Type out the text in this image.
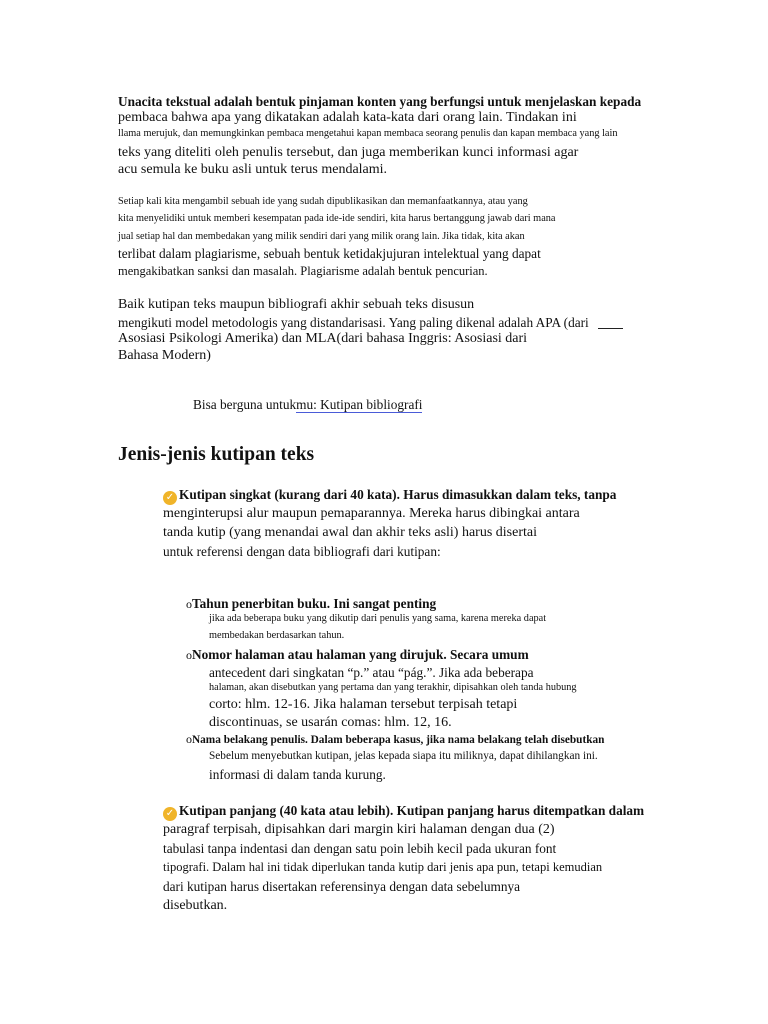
Unacita tekstual adalah bentuk pinjaman konten yang berfungsi untuk menjelaskan kepada
pembaca bahwa apa yang dikatakan adalah kata-kata dari orang lain. Tindakan ini
llama merujuk, dan memungkinkan pembaca mengetahui kapan membaca seorang penulis dan kapan membaca yang lain
teks yang diteliti oleh penulis tersebut, dan juga memberikan kunci informasi agar
acu semula ke buku asli untuk terus mendalami.
Setiap kali kita mengambil sebuah ide yang sudah dipublikasikan dan memanfaatkannya, atau yang
kita menyelidiki untuk memberi kesempatan pada ide-ide sendiri, kita harus bertanggung jawab dari mana
jual setiap hal dan membedakan yang milik sendiri dari yang milik orang lain. Jika tidak, kita akan
terlibat dalam plagiarisme, sebuah bentuk ketidakjujuran intelektual yang dapat
mengakibatkan sanksi dan masalah. Plagiarisme adalah bentuk pencurian.
Baik kutipan teks maupun bibliografi akhir sebuah teks disusun
mengikuti model metodologis yang distandarisasi. Yang paling dikenal adalah APA (dari
Asosiasi Psikologi Amerika) dan MLA(dari bahasa Inggris: Asosiasi dari
Bahasa Modern)
Bisa berguna untukmu: Kutipan bibliografi
Jenis-jenis kutipan teks
✓ Kutipan singkat (kurang dari 40 kata). Harus dimasukkan dalam teks, tanpa
menginterupsi alur maupun pemaparannya. Mereka harus dibingkai antara
tanda kutip (yang menandai awal dan akhir teks asli) harus disertai
untuk referensi dengan data bibliografi dari kutipan:
oTahun penerbitan buku. Ini sangat penting
jika ada beberapa buku yang dikutip dari penulis yang sama, karena mereka dapat
membedakan berdasarkan tahun.
oNomor halaman atau halaman yang dirujuk. Secara umum
antecedent dari singkatan “p.” atau “pág.”. Jika ada beberapa
halaman, akan disebutkan yang pertama dan yang terakhir, dipisahkan oleh tanda hubung
corto: hlm. 12-16. Jika halaman tersebut terpisah tetapi
discontinuas, se usarán comas: hlm. 12, 16.
oNama belakang penulis. Dalam beberapa kasus, jika nama belakang telah disebutkan
Sebelum menyebutkan kutipan, jelas kepada siapa itu miliknya, dapat dihilangkan ini.
informasi di dalam tanda kurung.
✓ Kutipan panjang (40 kata atau lebih). Kutipan panjang harus ditempatkan dalam
paragraf terpisah, dipisahkan dari margin kiri halaman dengan dua (2)
tabulasi tanpa indentasi dan dengan satu poin lebih kecil pada ukuran font
tipografi. Dalam hal ini tidak diperlukan tanda kutip dari jenis apa pun, tetapi kemudian
dari kutipan harus disertakan referensinya dengan data sebelumnya
disebutkan.
